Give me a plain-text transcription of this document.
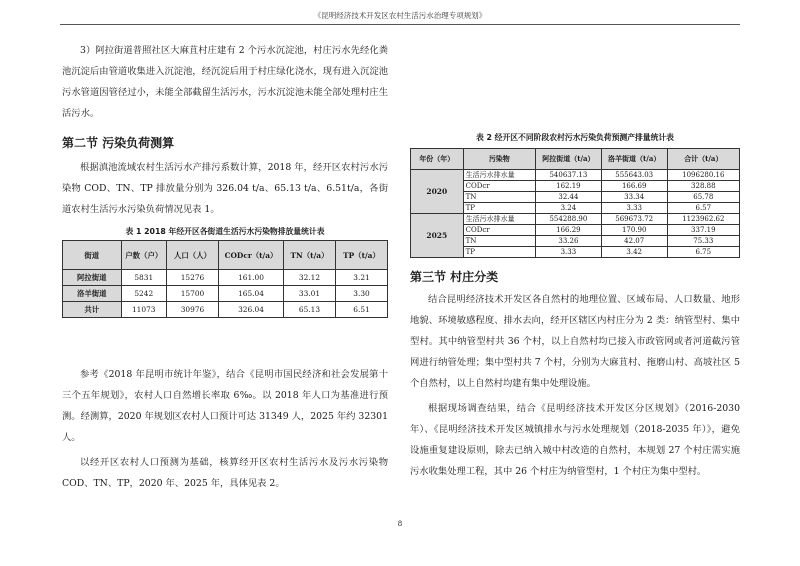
《昆明经济技术开发区农村生活污水治理专项规划》

3）阿拉街道普照社区大麻苴村庄建有 2 个污水沉淀池，村庄污水先经化粪池沉淀后由管道收集进入沉淀池，经沉淀后用于村庄绿化浇水，现有进入沉淀池污水管道因管径过小，未能全部截留生活污水，污水沉淀池未能全部处理村庄生活污水。

第二节 污染负荷测算

根据滇池流域农村生活污水产排污系数计算，2018 年，经开区农村污水污染物 COD、TN、TP 排放量分别为 326.04 t/a、65.13 t/a、6.51t/a，各街道农村生活污水污染负荷情况见表 1。

表 1 2018 年经开区各街道生活污水污染物排放量统计表
街道	户数（户）	人口（人）	CODcr（t/a）	TN（t/a）	TP（t/a）
阿拉街道	5831	15276	161.00	32.12	3.21
洛羊街道	5242	15700	165.04	33.01	3.30
共计	11073	30976	326.04	65.13	6.51

参考《2018 年昆明市统计年鉴》，结合《昆明市国民经济和社会发展第十三个五年规划》，农村人口自然增长率取 6‰。以 2018 年人口为基准进行预测。经测算，2020 年规划区农村人口预计可达 31349 人，2025 年约 32301 人。

以经开区农村人口预测为基础，核算经开区农村生活污水及污水污染物 COD、TN、TP，2020 年、2025 年，具体见表 2。

表 2 经开区不同阶段农村污水污染负荷预测产排量统计表
年份（年）	污染物	阿拉街道（t/a）	洛羊街道（t/a）	合计（t/a）
2020	生活污水排水量	540637.13	555643.03	1096280.16
	CODcr	162.19	166.69	328.88
	TN	32.44	33.34	65.78
	TP	3.24	3.33	6.57
2025	生活污水排水量	554288.90	569673.72	1123962.62
	CODcr	166.29	170.90	337.19
	TN	33.26	42.07	75.33
	TP	3.33	3.42	6.75
第三节 村庄分类

结合昆明经济技术开发区各自然村的地理位置、区域布局、人口数量、地形地貌、环境敏感程度、排水去向，经开区辖区内村庄分为 2 类：纳管型村、集中型村。其中纳管型村共 36 个村，以上自然村均已接入市政管网或者河道截污管网进行纳管处理；集中型村共 7 个村，分别为大麻苴村、拖磨山村、高坡社区 5 个自然村，以上自然村均建有集中处理设施。

根据现场调查结果，结合《昆明经济技术开发区分区规划》（2016-2030年）、《昆明经济技术开发区城镇排水与污水处理规划（2018-2035 年）》，避免设施重复建设原则，除去已纳入城中村改造的自然村，本规划 27 个村庄需实施污水收集处理工程，其中 26 个村庄为纳管型村，1 个村庄为集中型村。

8
